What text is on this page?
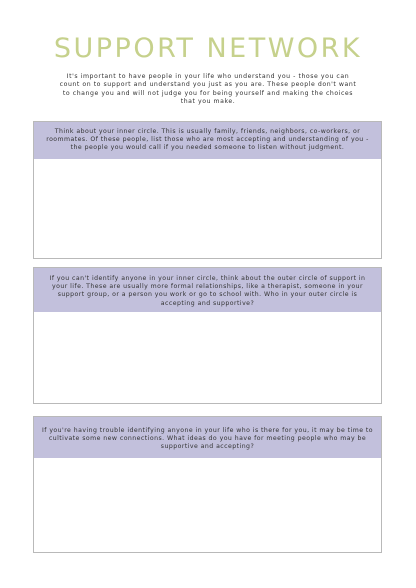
SUPPORT NETWORK
It's important to have people in your life who understand you - those you can count on to support and understand you just as you are. These people don't want to change you and will not judge you for being yourself and making the choices that you make.
Think about your inner circle. This is usually family, friends, neighbors, co-workers, or roommates. Of these people, list those who are most accepting and understanding of you - the people you would call if you needed someone to listen without judgment.
If you can't identify anyone in your inner circle, think about the outer circle of support in your life. These are usually more formal relationships, like a therapist, someone in your support group, or a person you work or go to school with. Who in your outer circle is accepting and supportive?
If you're having trouble identifying anyone in your life who is there for you, it may be time to cultivate some new connections. What ideas do you have for meeting people who may be supportive and accepting?
